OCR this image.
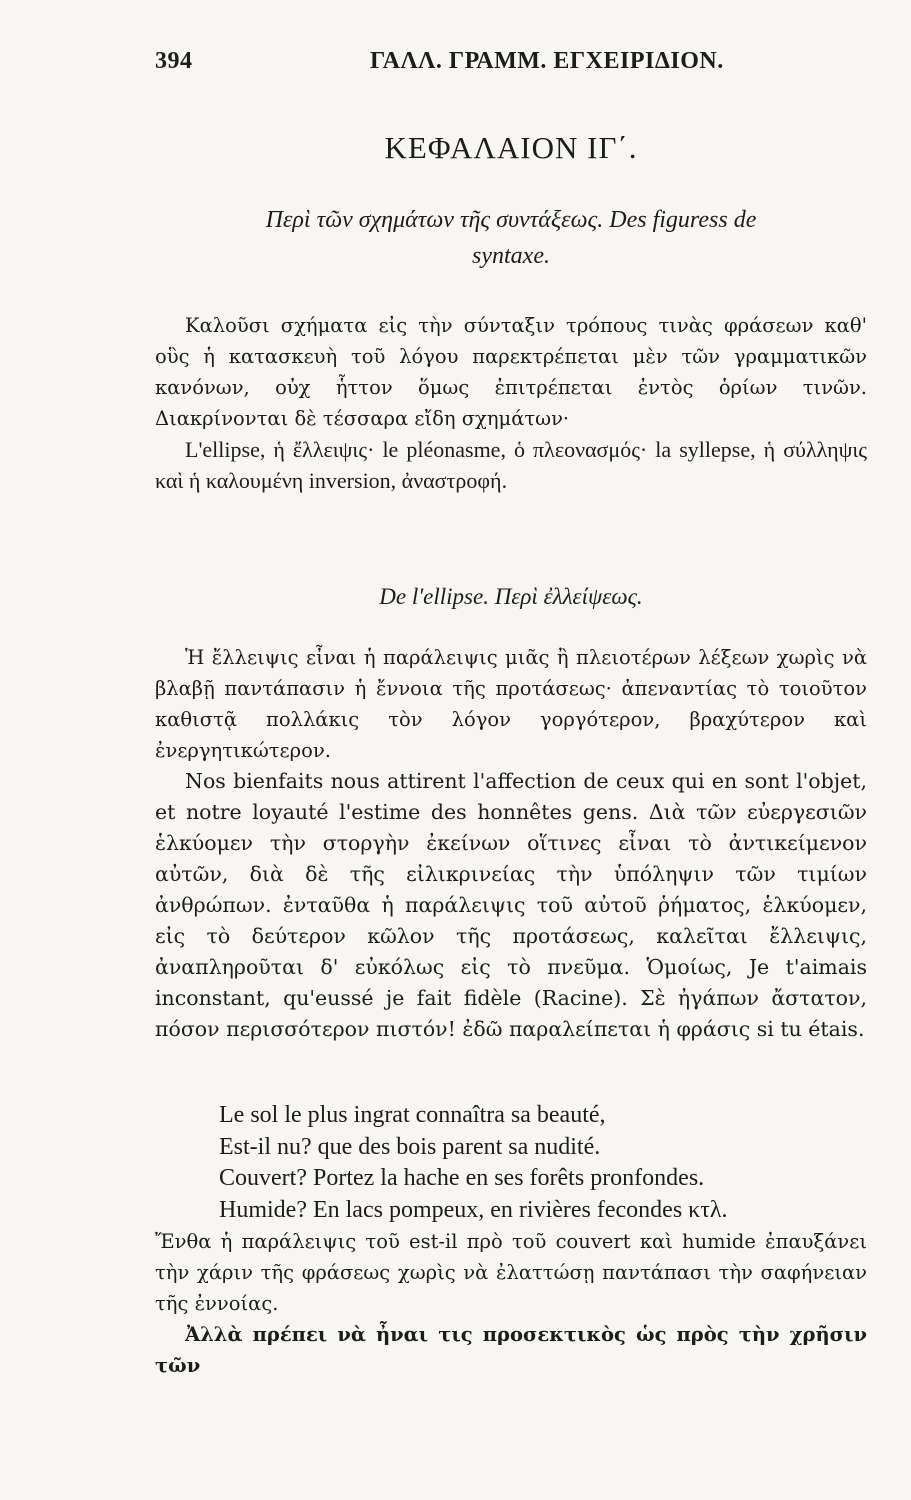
394	ΓΑΛΛ. ΓΡΑΜΜ. ΕΓΧΕΙΡΙΔΙΟΝ.
ΚΕΦΑΛΑΙΟΝ ΙΓ΄.
Περὶ τῶν σχημάτων τῆς συντάξεως. Des figuress de
syntaxe.

Καλοῦσι σχήματα εἰς τὴν σύνταξιν τρόπους τινὰς φράσεων καθ' οὓς ἡ κατασκευὴ τοῦ λόγου παρεκτρέπεται μὲν τῶν γραμματικῶν κανόνων, οὐχ ἧττον ὅμως ἐπιτρέπεται ἐντὸς ὁρίων τινῶν. Διακρίνονται δὲ τέσσαρα εἴδη σχημάτων·

L'ellipse, ἡ ἔλλειψις· le pléonasme, ὁ πλεονασμός· la syllepse, ἡ σύλληψις καὶ ἡ καλουμένη inversion, ἀναστροφή.

De l'ellipse. Περὶ ἐλλείψεως.

Ἡ ἔλλειψις εἶναι ἡ παράλειψις μιᾶς ἢ πλειοτέρων λέξεων χωρὶς νὰ βλαβῇ παντάπασιν ἡ ἔννοια τῆς προτάσεως· ἀπεναντίας τὸ τοιοῦτον καθιστᾷ πολλάκις τὸν λόγον γοργότερον, βραχύτερον καὶ ἐνεργητικώτερον.

Nos bienfaits nous attirent l'affection de ceux qui en sont l'objet, et notre loyauté l'estime des honnêtes gens. Διὰ τῶν εὐεργεσιῶν ἑλκύομεν τὴν στοργὴν ἐκείνων οἵτινες εἶναι τὸ ἀντικείμενον αὐτῶν, διὰ δὲ τῆς εἰλικρινείας τὴν ὑπόληψιν τῶν τιμίων ἀνθρώπων. ἐνταῦθα ἡ παράλειψις τοῦ αὐτοῦ ῥήματος, ἑλκύομεν, εἰς τὸ δεύτερον κῶλον τῆς προτάσεως, καλεῖται ἔλλειψις, ἀναπληροῦται δ' εὐκόλως εἰς τὸ πνεῦμα. Ὁμοίως, Je t'aimais inconstant, qu'eussé je fait fidèle (Racine). Σὲ ἠγάπων ἄστατον, πόσον περισσότερον πιστόν! ἐδῶ παραλείπεται ἡ φράσις si tu étais.

Le sol le plus ingrat connaîtra sa beauté,
Est-il nu? que des bois parent sa nudité.
Couvert? Portez la hache en ses forêts pronfondes.
Humide? En lacs pompeux, en rivières fecondes κτλ.

Ἔνθα ἡ παράλειψις τοῦ est-il πρὸ τοῦ couvert καὶ humide ἐπαυξάνει τὴν χάριν τῆς φράσεως χωρὶς νὰ ἐλαττώσῃ παντάπασι τὴν σαφήνειαν τῆς ἐννοίας.

Ἀλλὰ πρέπει νὰ ἦναι τις προσεκτικὸς ὡς πρὸς τὴν χρῆσιν τῶν
